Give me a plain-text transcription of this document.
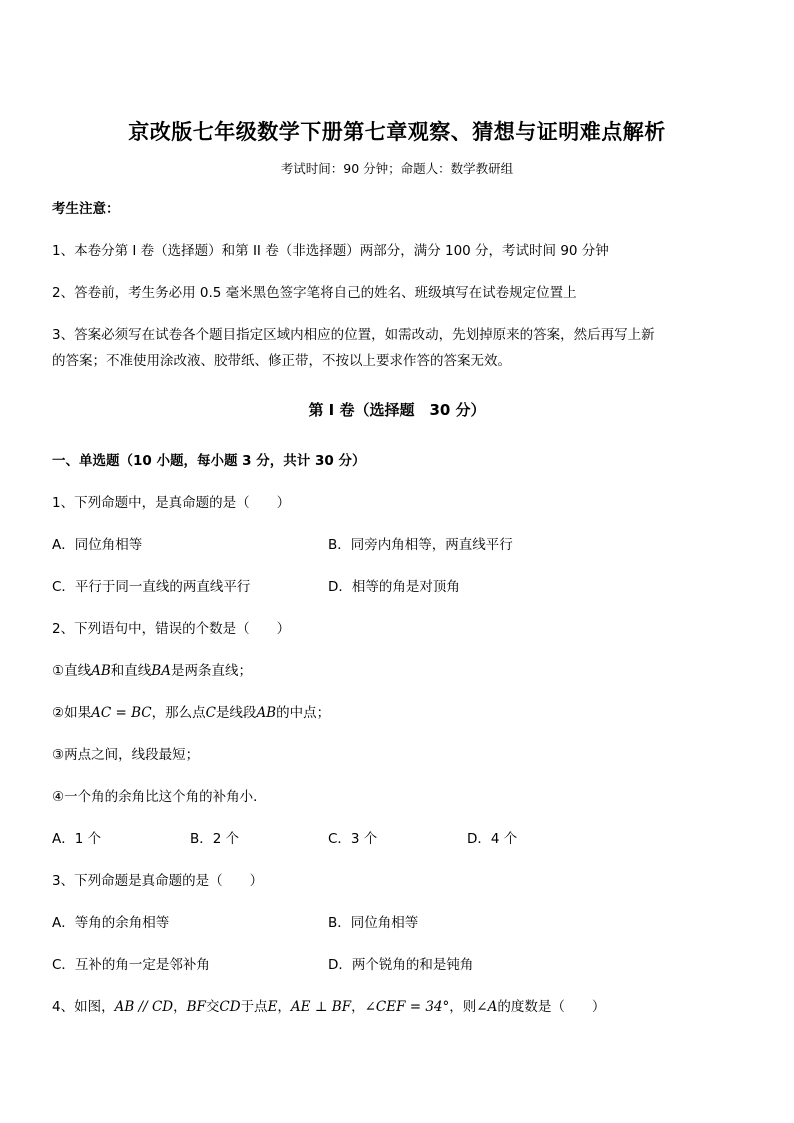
京改版七年级数学下册第七章观察、猜想与证明难点解析
考试时间：90 分钟；命题人：数学教研组
考生注意：
1、本卷分第 I 卷（选择题）和第 II 卷（非选择题）两部分，满分 100 分，考试时间 90 分钟
2、答卷前，考生务必用 0.5 毫米黑色签字笔将自己的姓名、班级填写在试卷规定位置上
3、答案必须写在试卷各个题目指定区域内相应的位置，如需改动，先划掉原来的答案，然后再写上新
的答案；不准使用涂改液、胶带纸、修正带，不按以上要求作答的答案无效。
第 I 卷（选择题　30 分）
一、单选题（10 小题，每小题 3 分，共计 30 分）
1、下列命题中，是真命题的是（　　）
A．同位角相等	B．同旁内角相等，两直线平行
C．平行于同一直线的两直线平行	D．相等的角是对顶角
2、下列语句中，错误的个数是（　　）
①直线AB和直线BA是两条直线；
②如果AC = BC，那么点C是线段AB的中点；
③两点之间，线段最短；
④一个角的余角比这个角的补角小．
A．1 个	B．2 个	C．3 个	D．4 个
3、下列命题是真命题的是（　　）
A．等角的余角相等	B．同位角相等
C．互补的角一定是邻补角	D．两个锐角的和是钝角
4、如图，AB // CD，BF交CD于点E，AE ⊥ BF，∠CEF = 34°，则∠A的度数是（　　）
